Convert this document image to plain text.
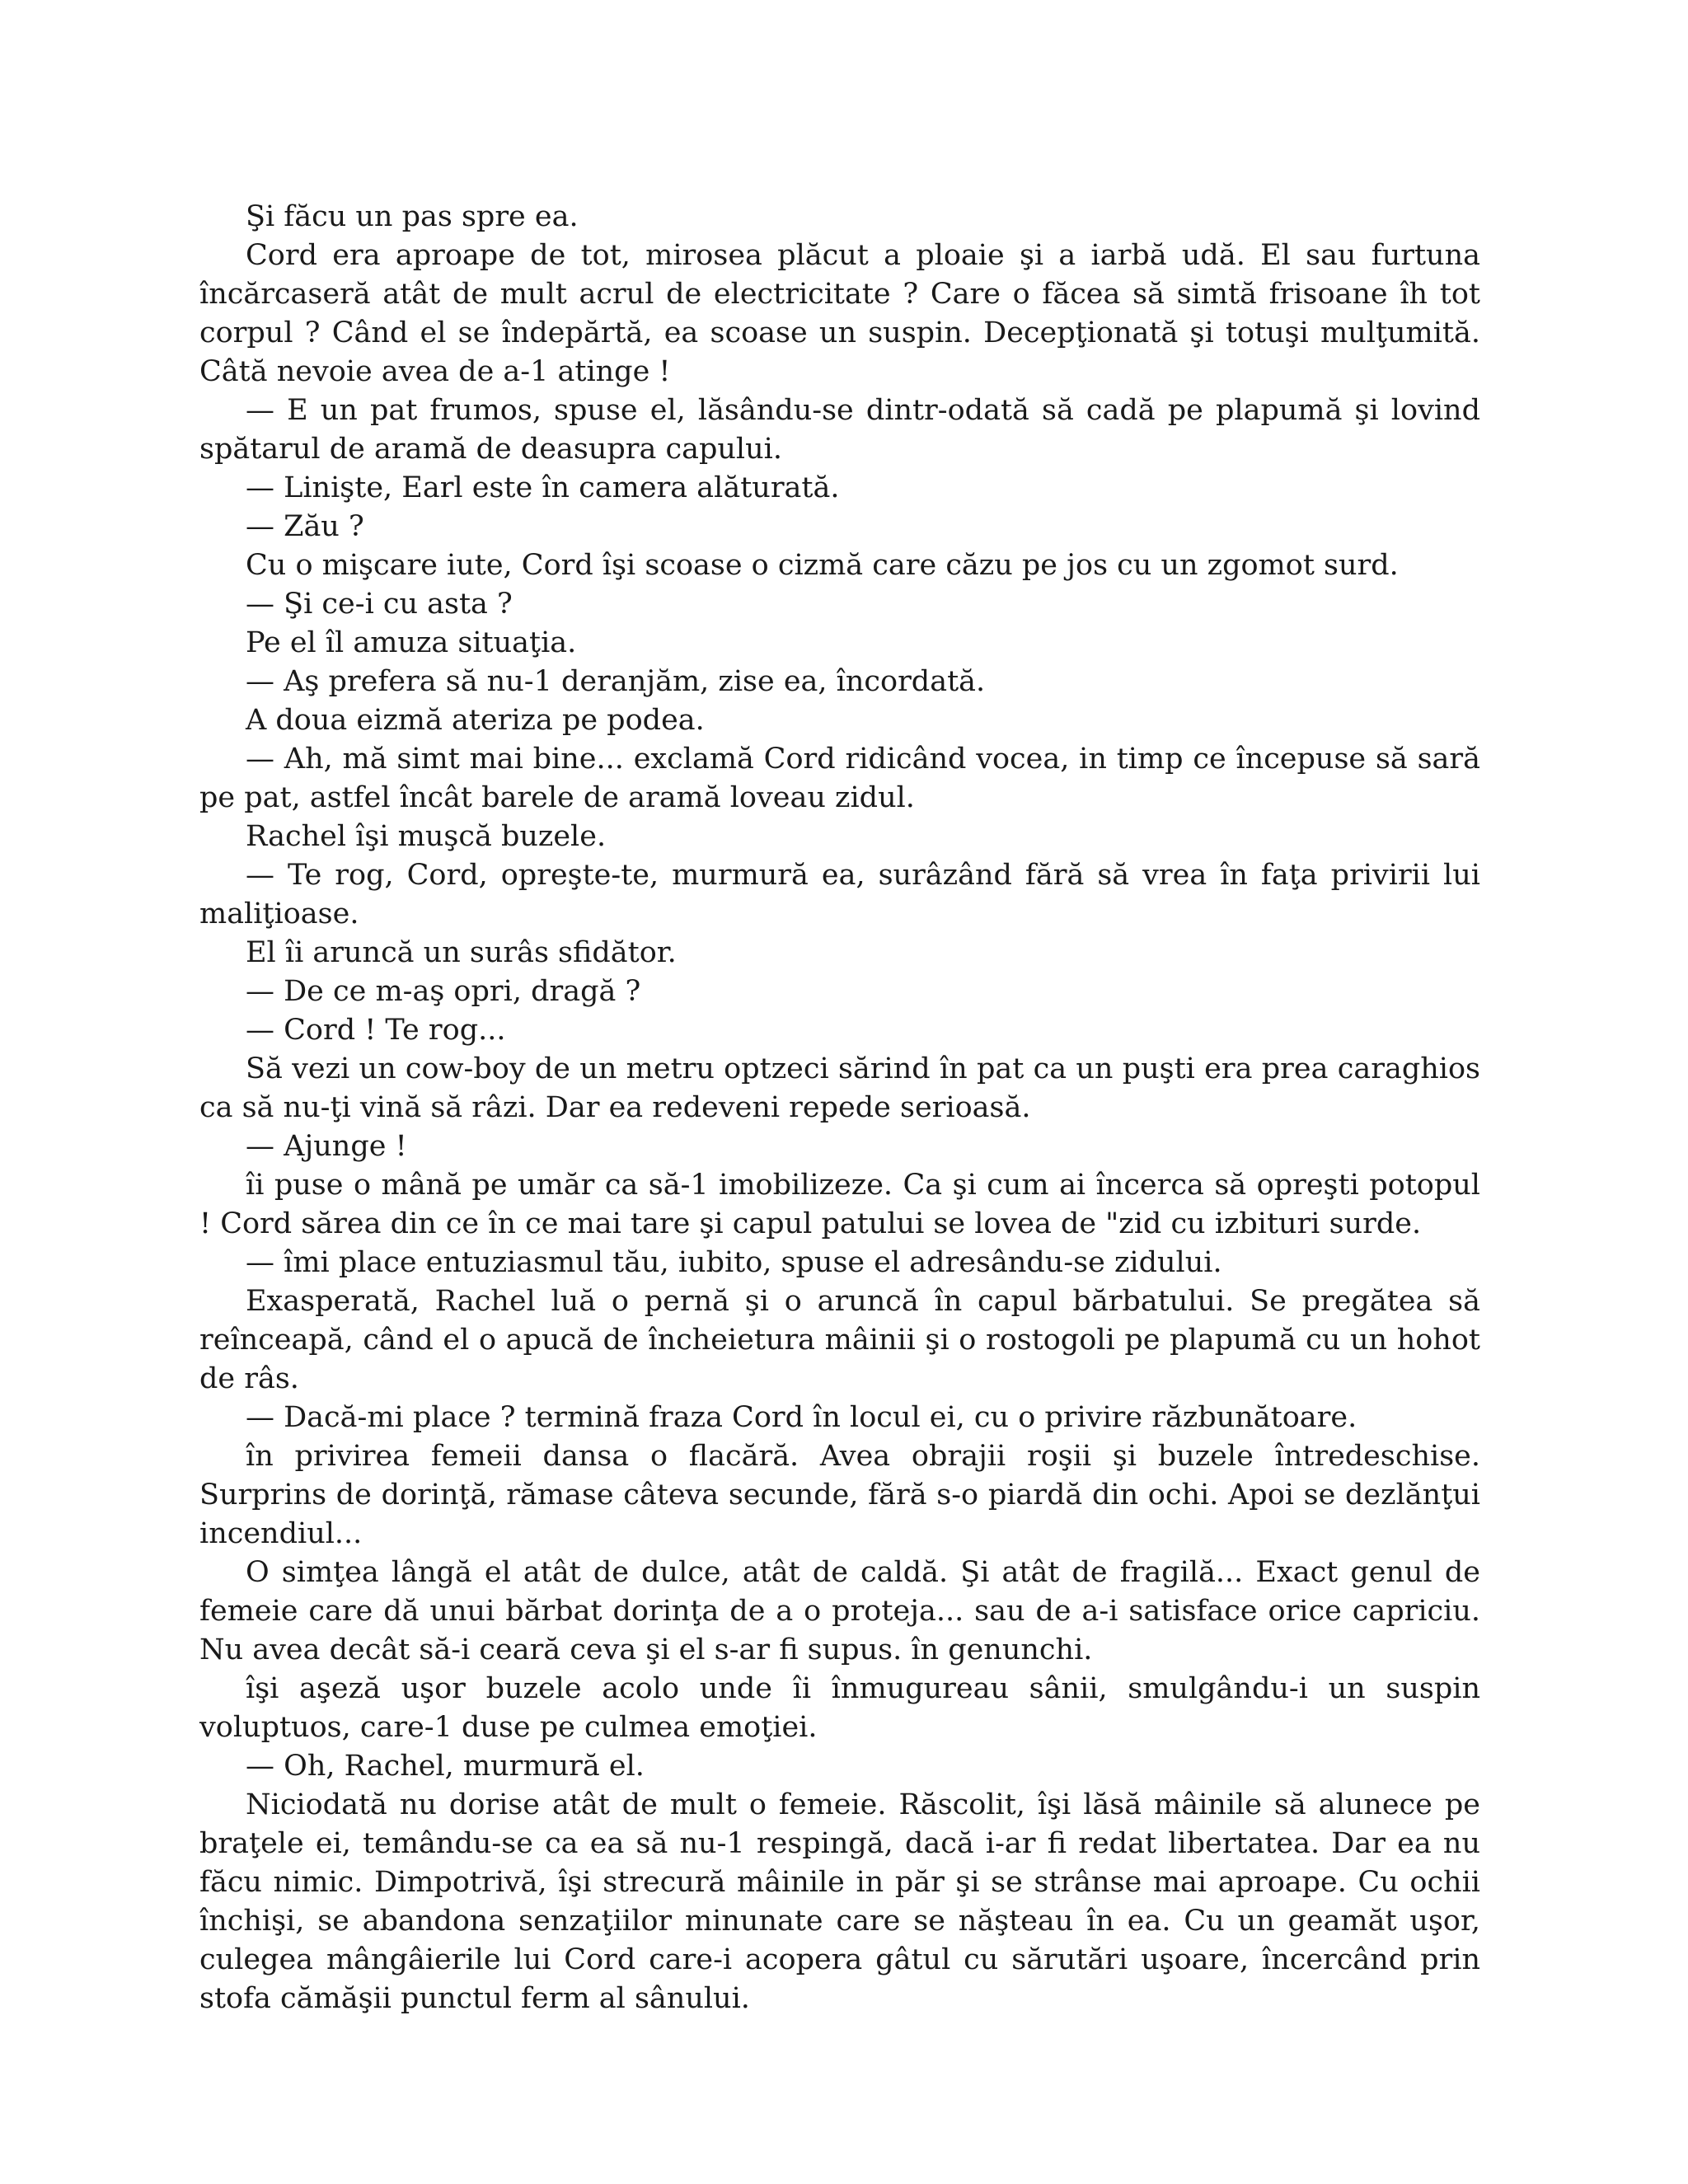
Şi făcu un pas spre ea.

Cord era aproape de tot, mirosea plăcut a ploaie şi a iarbă udă. El sau furtuna încărcaseră atât de mult acrul de electricitate ? Care o făcea să simtă frisoane îh tot corpul ? Când el se îndepărtă, ea scoase un suspin. Decepţionată şi totuşi mulţumită. Câtă nevoie avea de a-1 atinge !

— E un pat frumos, spuse el, lăsându-se dintr-odată să cadă pe plapumă şi lovind spătarul de aramă de deasupra capului.

— Linişte, Earl este în camera alăturată.

— Zău ?

Cu o mişcare iute, Cord îşi scoase o cizmă care căzu pe jos cu un zgomot surd.

— Şi ce-i cu asta ?

Pe el îl amuza situaţia.

— Aş prefera să nu-1 deranjăm, zise ea, încordată.

A doua eizmă ateriza pe podea.

— Ah, mă simt mai bine... exclamă Cord ridicând vocea, in timp ce începuse să sară pe pat, astfel încât barele de aramă loveau zidul.

Rachel îşi muşcă buzele.

— Te rog, Cord, opreşte-te, murmură ea, surâzând fără să vrea în faţa privirii lui maliţioase.

El îi aruncă un surâs sfidător.

— De ce m-aş opri, dragă ?

— Cord ! Te rog...

Să vezi un cow-boy de un metru optzeci sărind în pat ca un puşti era prea caraghios ca să nu-ţi vină să râzi. Dar ea redeveni repede serioasă.

— Ajunge !

îi puse o mână pe umăr ca să-1 imobilizeze. Ca şi cum ai încerca să opreşti potopul ! Cord sărea din ce în ce mai tare şi capul patului se lovea de "zid cu izbituri surde.

— îmi place entuziasmul tău, iubito, spuse el adresându-se zidului.

Exasperată, Rachel luă o pernă şi o aruncă în capul bărbatului. Se pregătea să reînceapă, când el o apucă de încheietura mâinii şi o rostogoli pe plapumă cu un hohot de râs.

— Dacă-mi place ? termină fraza Cord în locul ei, cu o privire răzbunătoare.

în privirea femeii dansa o flacără. Avea obrajii roşii şi buzele întredeschise. Surprins de dorinţă, rămase câteva secunde, fără s-o piardă din ochi. Apoi se dezlănţui incendiul...

O simţea lângă el atât de dulce, atât de caldă. Şi atât de fragilă... Exact genul de femeie care dă unui bărbat dorinţa de a o proteja... sau de a-i satisface orice capriciu. Nu avea decât să-i ceară ceva şi el s-ar fi supus. în genunchi.

îşi aşeză uşor buzele acolo unde îi înmugureau sânii, smulgându-i un suspin voluptuos, care-1 duse pe culmea emoţiei.

— Oh, Rachel, murmură el.

Niciodată nu dorise atât de mult o femeie. Răscolit, îşi lăsă mâinile să alunece pe braţele ei, temându-se ca ea să nu-1 respingă, dacă i-ar fi redat libertatea. Dar ea nu făcu nimic. Dimpotrivă, îşi strecură mâinile in păr şi se strânse mai aproape. Cu ochii închişi, se abandona senzaţiilor minunate care se năşteau în ea. Cu un geamăt uşor, culegea mângâierile lui Cord care-i acopera gâtul cu sărutări uşoare, încercând prin stofa cămăşii punctul ferm al sânului.
